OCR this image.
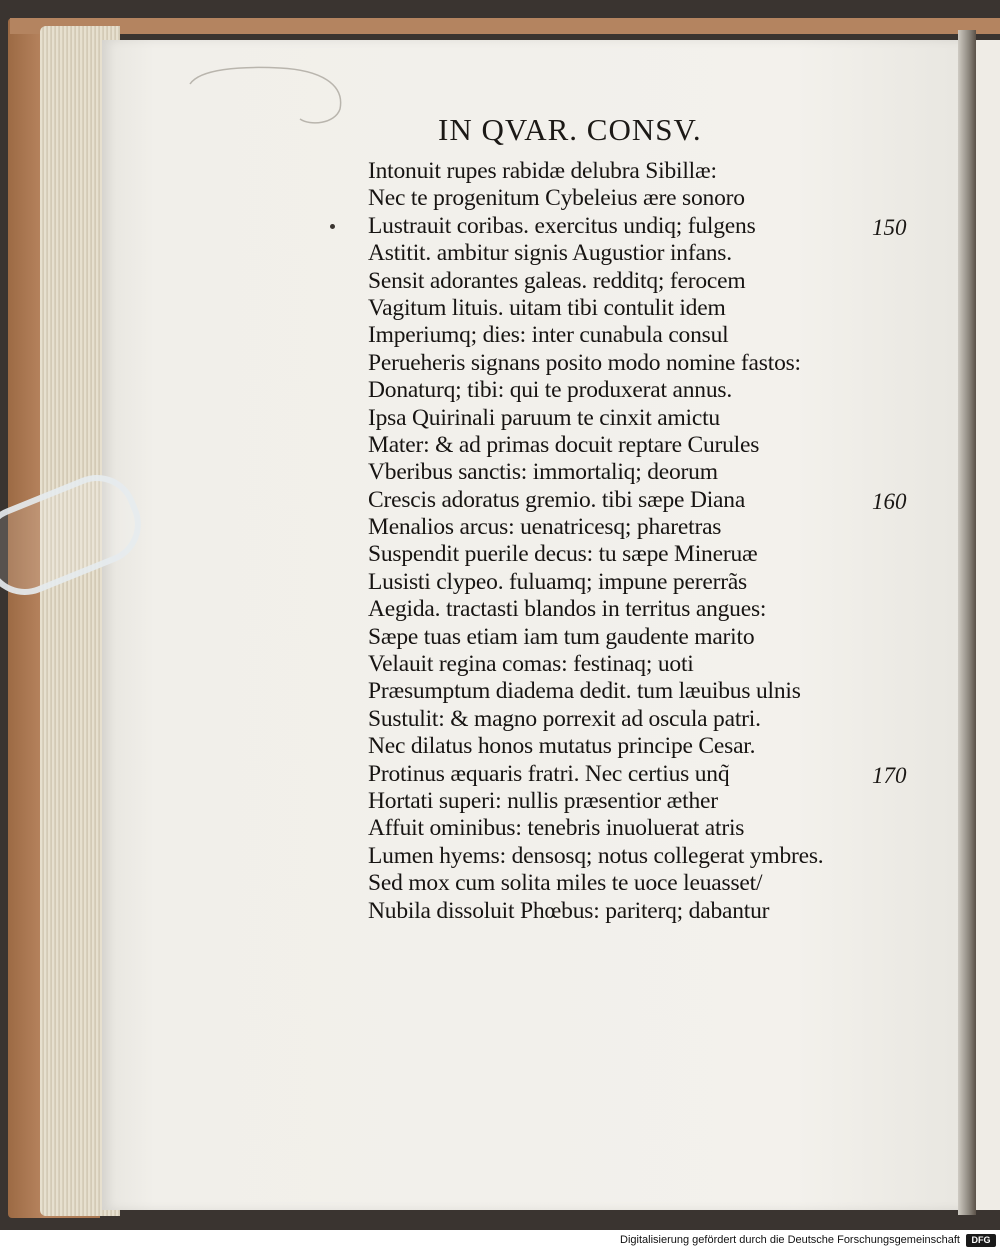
IN QVAR. CONSV.
Intonuit rupes rabidæ delubra Sibillæ:
Nec te progenitum Cybeleius ære sonoro
Lustrauit coribas. exercitus undiq; fulgens
Astitit. ambitur signis Augustior infans.
Sensit adorantes galeas. redditq; ferocem
Vagitum lituis. uitam tibi contulit idem
Imperiumq; dies: inter cunabula consul
Perueheris signans posito modo nomine fastos:
Donaturq; tibi: qui te produxerat annus.
Ipsa Quirinali paruum te cinxit amictu
Mater: & ad primas docuit reptare Curules
Vberibus sanctis: immortaliq; deorum
Crescis adoratus gremio. tibi sæpe Diana
Menalios arcus: uenatricesq; pharetras
Suspendit puerile decus: tu sæpe Mineruæ
Lusisti clypeo. fuluamq; impune pererrãs
Aegida. tractasti blandos in territus angues:
Sæpe tuas etiam iam tum gaudente marito
Velauit regina comas: festinaq; uoti
Præsumptum diadema dedit. tum læuibus ulnis
Sustulit: & magno porrexit ad oscula patri.
Nec dilatus honos mutatus principe Cesar.
Protinus æquaris fratri. Nec certius unq̃
Hortati superi: nullis præsentior æther
Affuit ominibus: tenebris inuoluerat atris
Lumen hyems: densosq; notus collegerat ymbres.
Sed mox cum solita miles te uoce leuasset/
Nubila dissoluit Phœbus: pariterq; dabantur
150
160
170
Digitalisierung gefördert durch die Deutsche Forschungsgemeinschaft	DFG
